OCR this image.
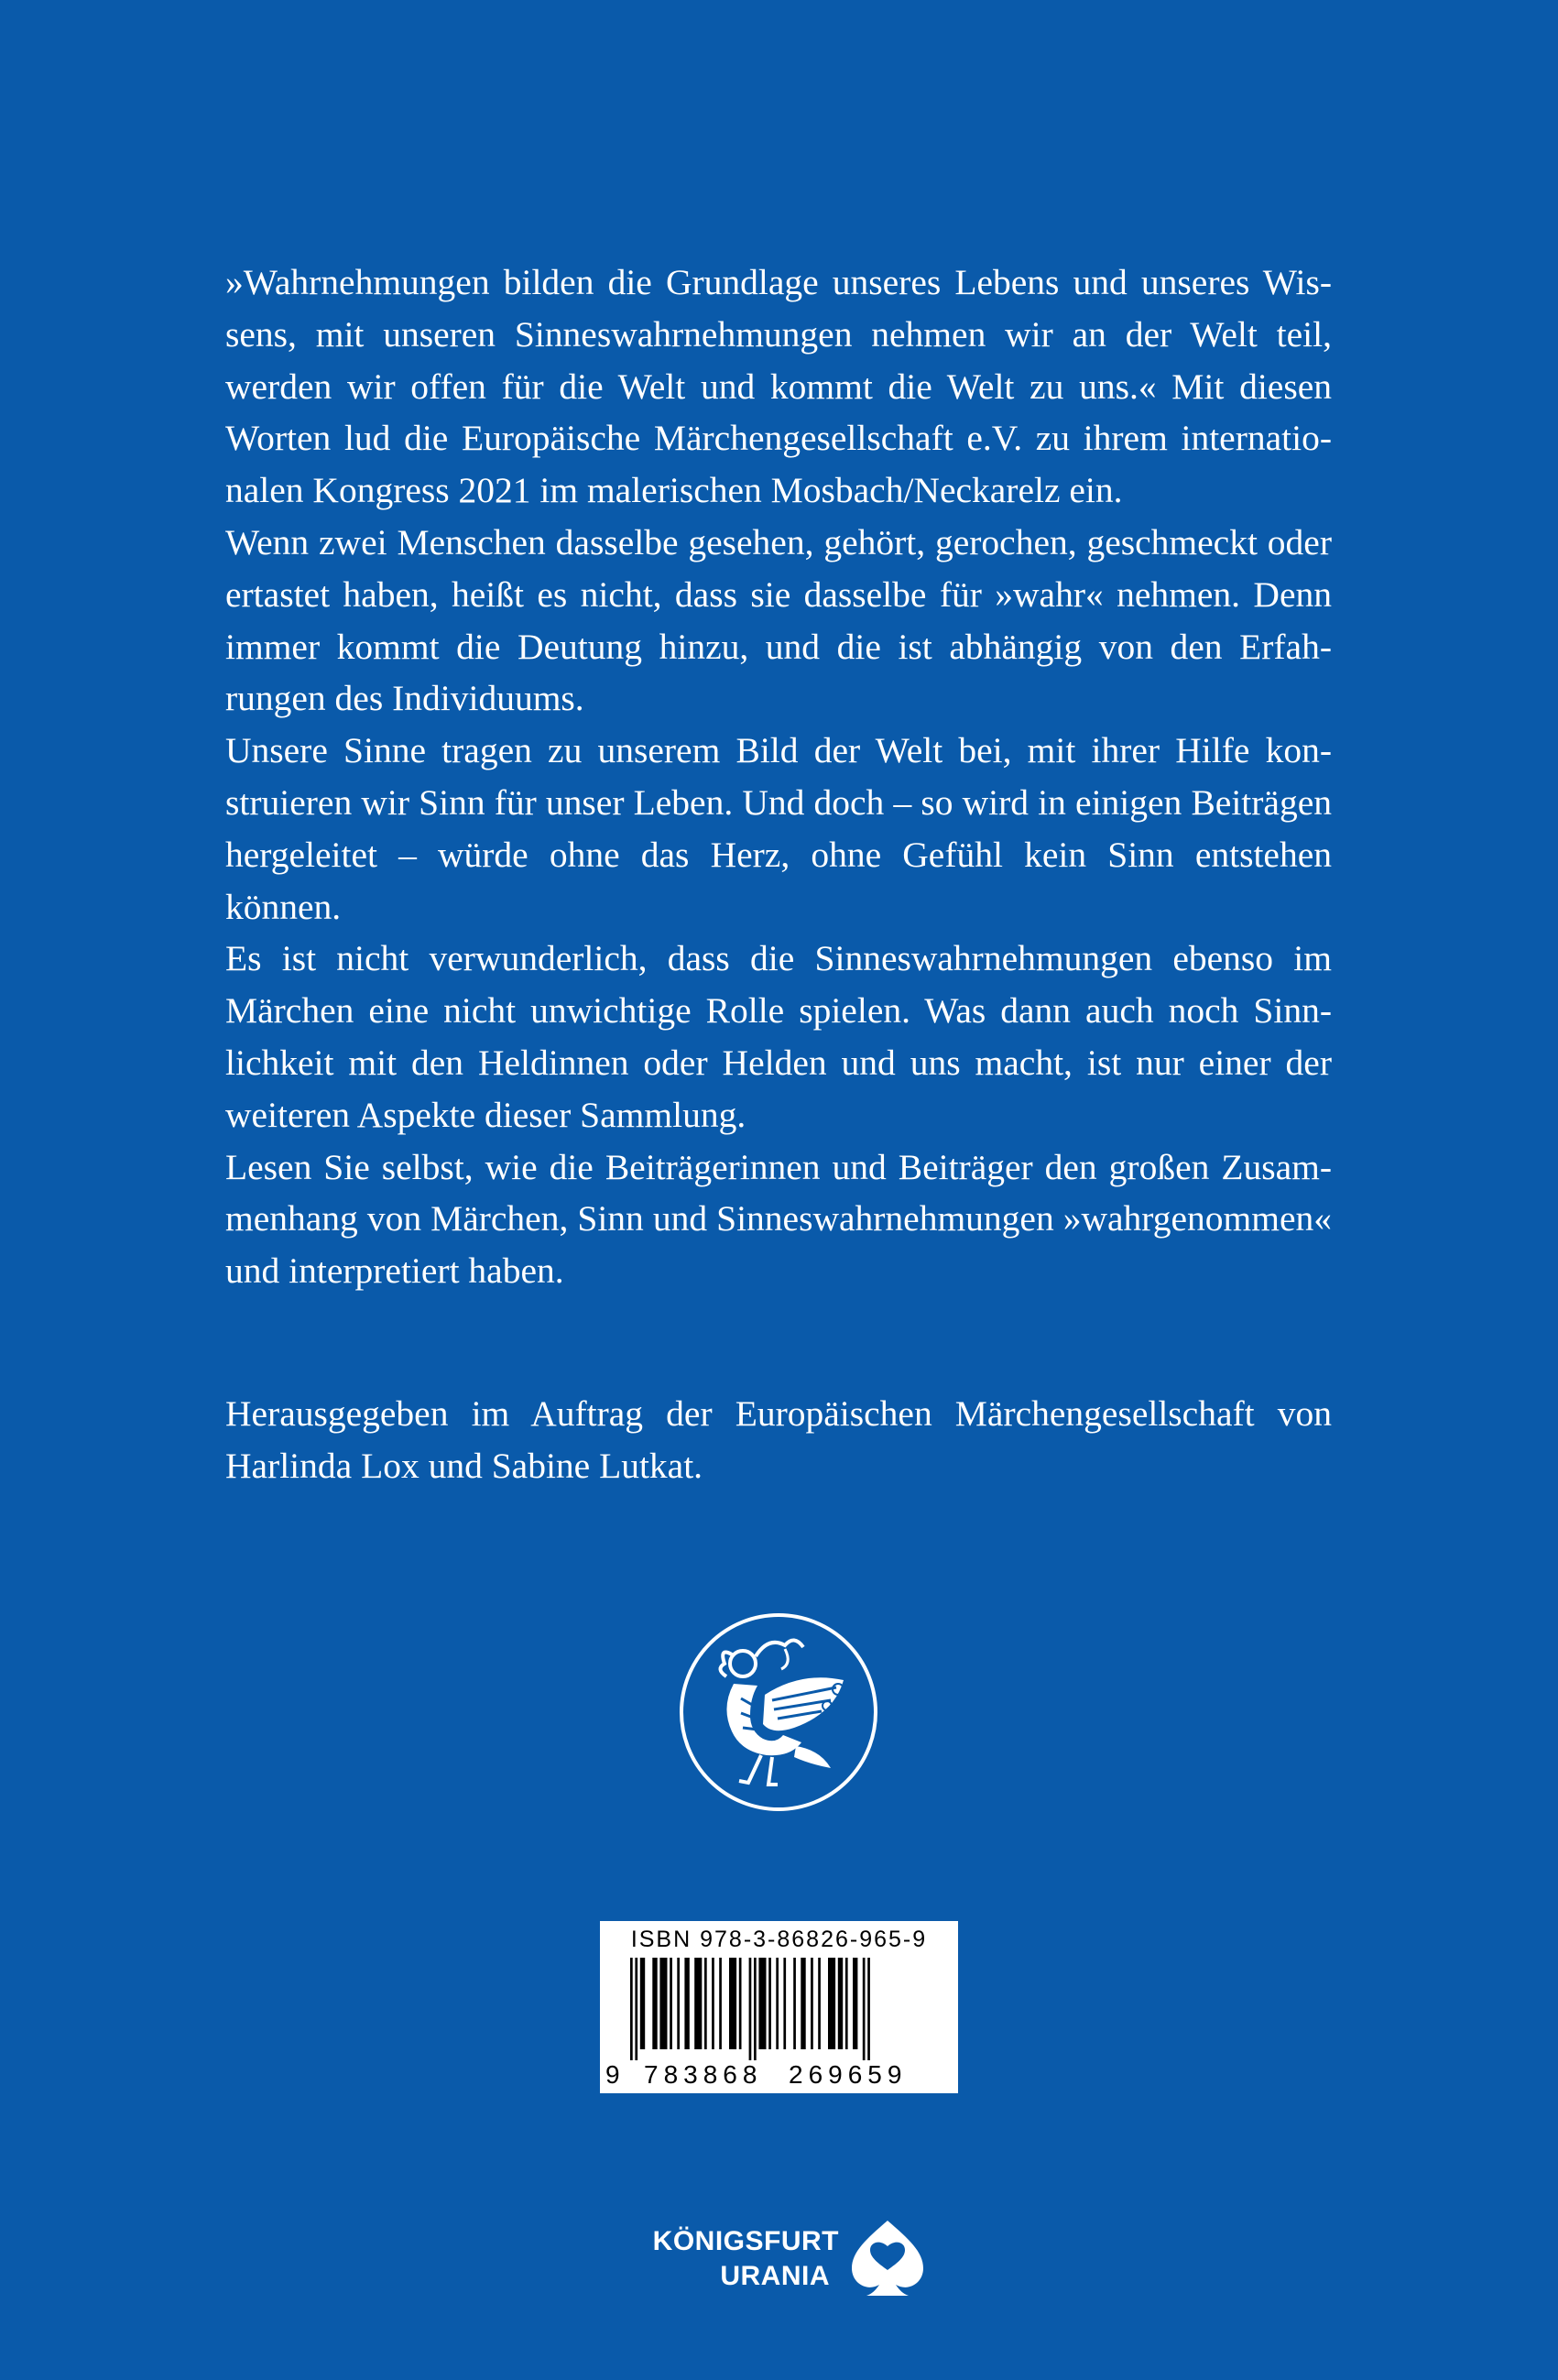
»Wahrnehmungen bilden die Grundlage unseres Lebens und unseres Wissens, mit unseren Sinneswahrnehmungen nehmen wir an der Welt teil, werden wir offen für die Welt und kommt die Welt zu uns.« Mit diesen Worten lud die Europäische Märchengesellschaft e.V. zu ihrem internationalen Kongress 2021 im malerischen Mosbach/Neckarelz ein.

Wenn zwei Menschen dasselbe gesehen, gehört, gerochen, geschmeckt oder ertastet haben, heißt es nicht, dass sie dasselbe für »wahr« nehmen. Denn immer kommt die Deutung hinzu, und die ist abhängig von den Erfahrungen des Individuums.

Unsere Sinne tragen zu unserem Bild der Welt bei, mit ihrer Hilfe konstruieren wir Sinn für unser Leben. Und doch – so wird in einigen Beiträgen hergeleitet – würde ohne das Herz, ohne Gefühl kein Sinn entstehen können.

Es ist nicht verwunderlich, dass die Sinneswahrnehmungen ebenso im Märchen eine nicht unwichtige Rolle spielen. Was dann auch noch Sinnlichkeit mit den Heldinnen oder Helden und uns macht, ist nur einer der weiteren Aspekte dieser Sammlung.

Lesen Sie selbst, wie die Beiträgerinnen und Beiträger den großen Zusammenhang von Märchen, Sinn und Sinneswahrnehmungen »wahrgenommen« und interpretiert haben.

Herausgegeben im Auftrag der Europäischen Märchengesellschaft von Harlinda Lox und Sabine Lutkat.

ISBN 978-3-86826-965-9
9 783868 269659
KÖNIGSFURT
URANIA
